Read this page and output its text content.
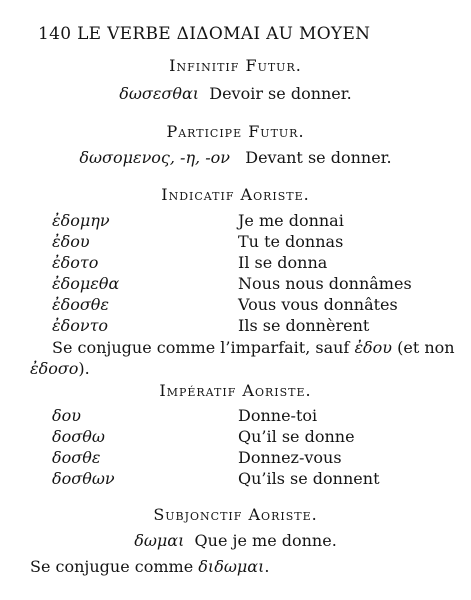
140 LE VERBE ΔΙΔΟΜΑΙ AU MOYEN
Infinitif Futur.
δωσεσθαι Devoir se donner.
Participe Futur.
δωσομενος, -η, -ον Devant se donner.
Indicatif Aoriste.
ἐδομην	Je me donnai
ἐδου	Tu te donnas
ἐδοτο	Il se donna
ἐδομεθα	Nous nous donnâmes
ἐδοσθε	Vous vous donnâtes
ἐδοντο	Ils se donnèrent
Se conjugue comme l’imparfait, sauf ἐδου (et non
ἐδοσο).
Impératif Aoriste.
δου	Donne-toi
δοσθω	Qu’il se donne
δοσθε	Donnez-vous
δοσθων	Qu’ils se donnent
Subjonctif Aoriste.
δωμαι Que je me donne.
Se conjugue comme διδωμαι.
